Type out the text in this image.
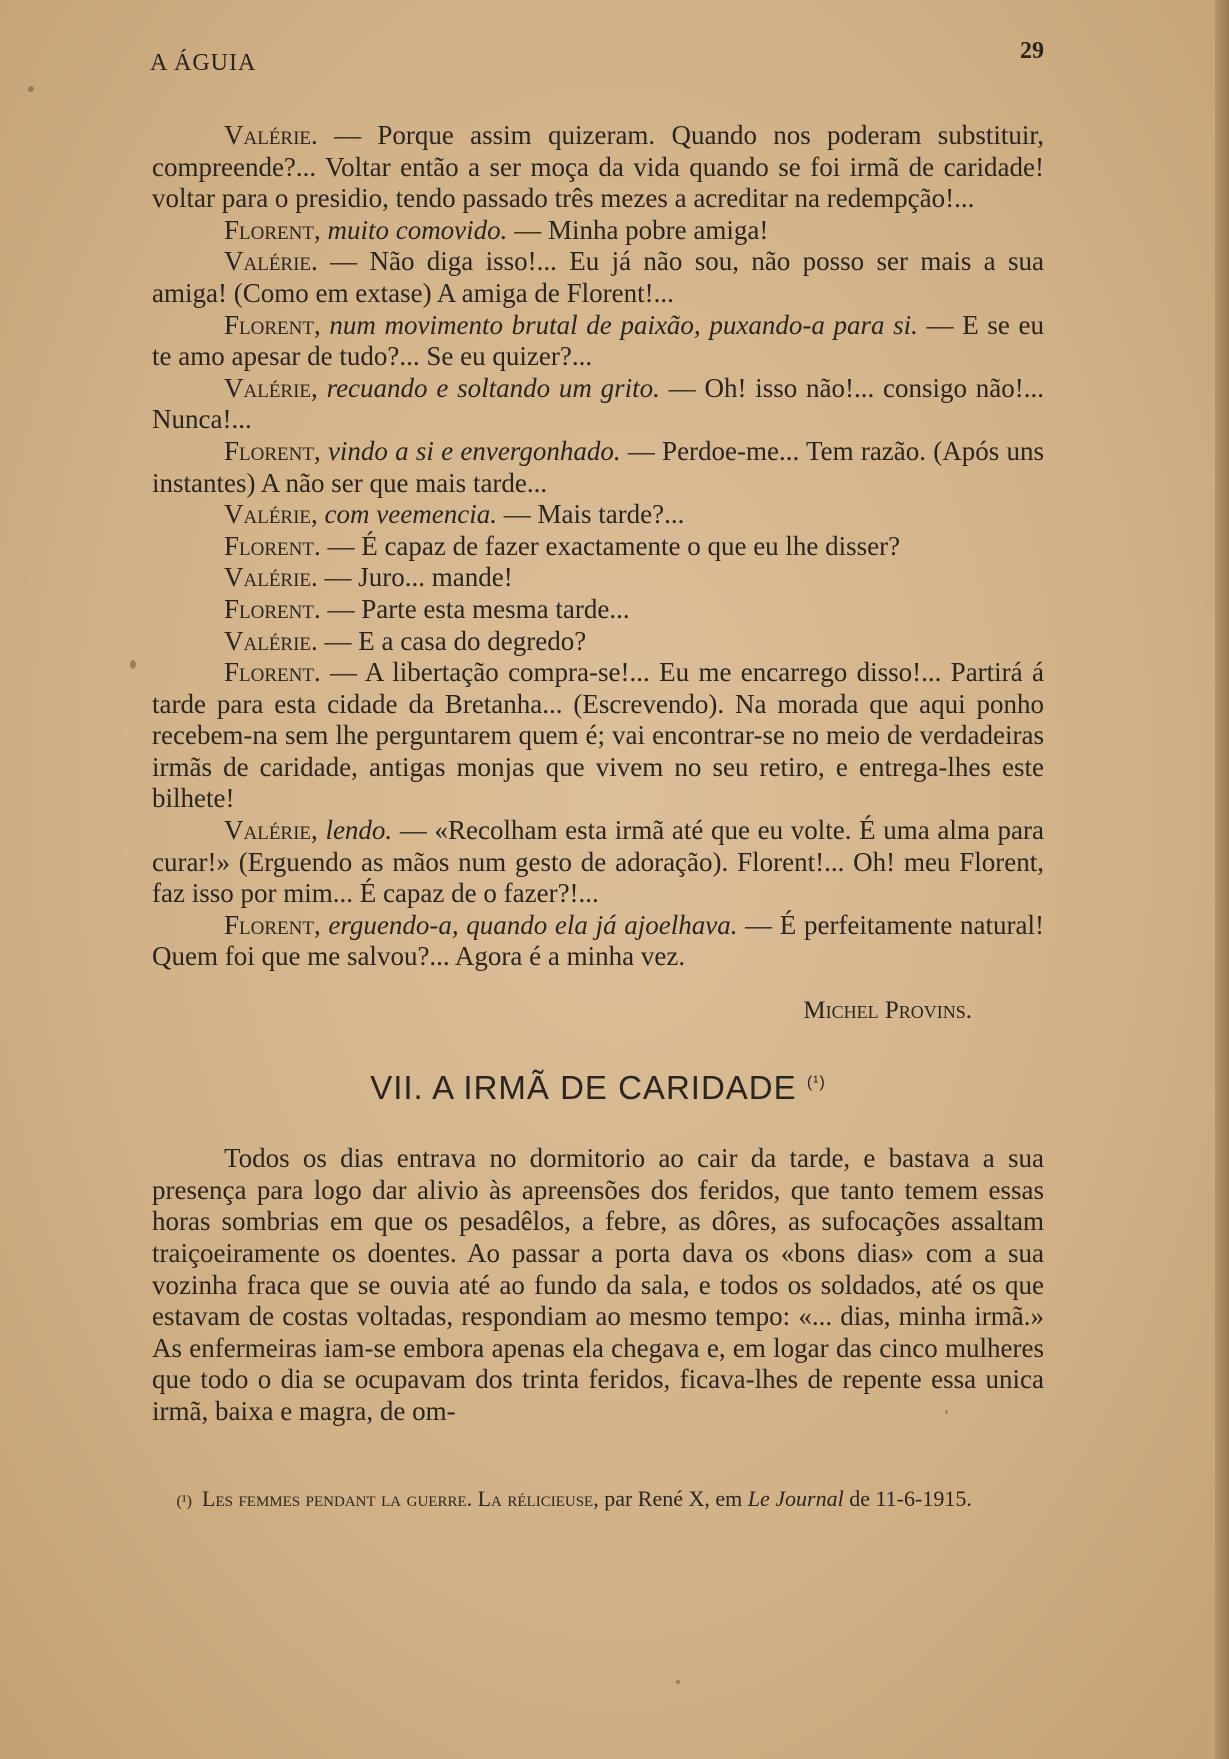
A ÁGUIA	29

Valérie. — Porque assim quizeram. Quando nos poderam substituir, compreende?... Voltar então a ser moça da vida quando se foi irmã de caridade! voltar para o presidio, tendo passado três mezes a acreditar na redempção!...

Florent, muito comovido. — Minha pobre amiga!

Valérie. — Não diga isso!... Eu já não sou, não posso ser mais a sua amiga! (Como em extase) A amiga de Florent!...

Florent, num movimento brutal de paixão, puxando-a para si. — E se eu te amo apesar de tudo?... Se eu quizer?...

Valérie, recuando e soltando um grito. — Oh! isso não!... consigo não!... Nunca!...

Florent, vindo a si e envergonhado. — Perdoe-me... Tem razão. (Após uns instantes) A não ser que mais tarde...

Valérie, com veemencia. — Mais tarde?...

Florent. — É capaz de fazer exactamente o que eu lhe disser?

Valérie. — Juro... mande!

Florent. — Parte esta mesma tarde...

Valérie. — E a casa do degredo?

Florent. — A libertação compra-se!... Eu me encarrego disso!... Partirá á tarde para esta cidade da Bretanha... (Escrevendo). Na morada que aqui ponho recebem-na sem lhe perguntarem quem é; vai encontrar-se no meio de verdadeiras irmãs de caridade, antigas monjas que vivem no seu retiro, e entrega-lhes este bilhete!

Valérie, lendo. — «Recolham esta irmã até que eu volte. É uma alma para curar!» (Erguendo as mãos num gesto de adoração). Florent!... Oh! meu Florent, faz isso por mim... É capaz de o fazer?!...

Florent, erguendo-a, quando ela já ajoelhava. — É perfeitamente natural! Quem foi que me salvou?... Agora é a minha vez.

Michel Provins.
VII. A IRMÃ DE CARIDADE $^{(^1)}$

Todos os dias entrava no dormitorio ao cair da tarde, e bastava a sua presença para logo dar alivio às apreensões dos feridos, que tanto temem essas horas sombrias em que os pesadêlos, a febre, as dôres, as sufocações assaltam traiçoeiramente os doentes. Ao passar a porta dava os «bons dias» com a sua vozinha fraca que se ouvia até ao fundo da sala, e todos os soldados, até os que estavam de costas voltadas, respondiam ao mesmo tempo: «... dias, minha irmã.» As enfermeiras iam-se embora apenas ela chegava e, em logar das cinco mulheres que todo o dia se ocupavam dos trinta feridos, ficava-lhes de repente essa unica irmã, baixa e magra, de om-

(¹) Les femmes pendant la guerre. La rélicieuse, par René X, em Le Journal de 11-6-1915.
